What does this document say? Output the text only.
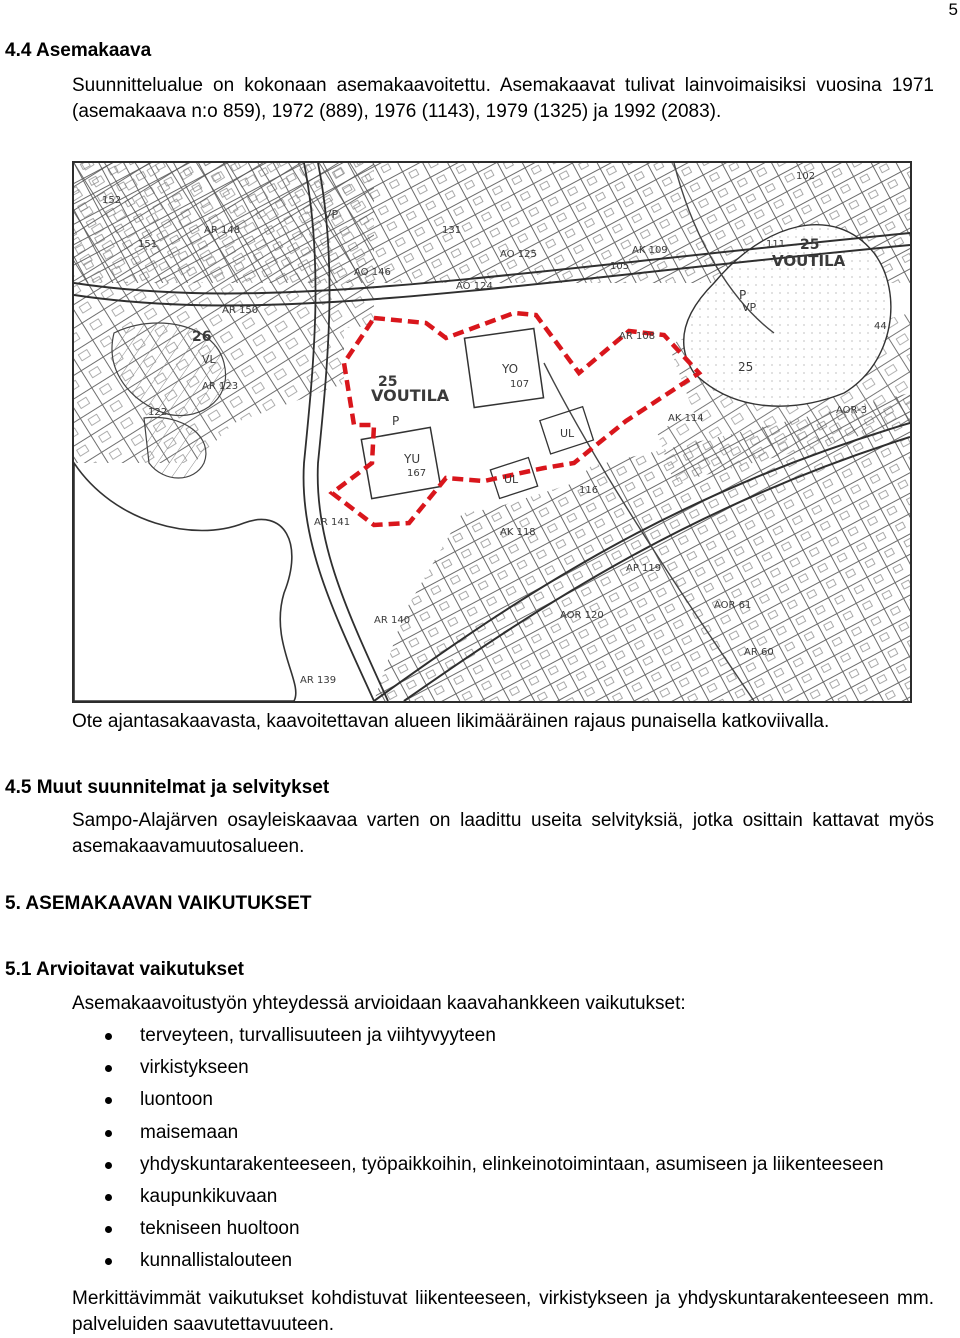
5
4.4 Asemakaava

Suunnittelualue on kokonaan asemakaavoitettu. Asemakaavat tulivat lainvoimaisiksi vuosina 1971 (asemakaava n:o 859), 1972 (889), 1976 (1143), 1979 (1325) ja 1992 (2083).

VOUTILA
VOUTILA
25
25
25
26
P
P
YO
107
YU
167
UL
UL
VP
VP
VL
AR 148
AR 150
AR 141
AK 109
AR 108
AK 118
AP 119
AOR 120
AR 60
AOR 61
AR 139
111
116
131
105
152
151
122
AR 123
102
AOR-3
44
AK 114
AO 125
AO 124
AO 146
AR 140
Ote ajantasakaavasta, kaavoitettavan alueen likimääräinen rajaus punaisella katkoviivalla.
4.5 Muut suunnitelmat ja selvitykset

Sampo-Alajärven osayleiskaavaa varten on laadittu useita selvityksiä, jotka osittain kattavat myös asemakaavamuutosalueen.

5. ASEMAKAAVAN VAIKUTUKSET
5.1 Arvioitavat vaikutukset

Asemakaavoitustyön yhteydessä arvioidaan kaavahankkeen vaikutukset:

terveyteen, turvallisuuteen ja viihtyvyyteen
virkistykseen
luontoon
maisemaan
yhdyskuntarakenteeseen, työpaikkoihin, elinkeinotoimintaan, asumiseen ja liikenteeseen
kaupunkikuvaan
tekniseen huoltoon
kunnallistalouteen

Merkittävimmät vaikutukset kohdistuvat liikenteeseen, virkistykseen ja yhdyskuntarakenteeseen mm. palveluiden saavutettavuuteen.
